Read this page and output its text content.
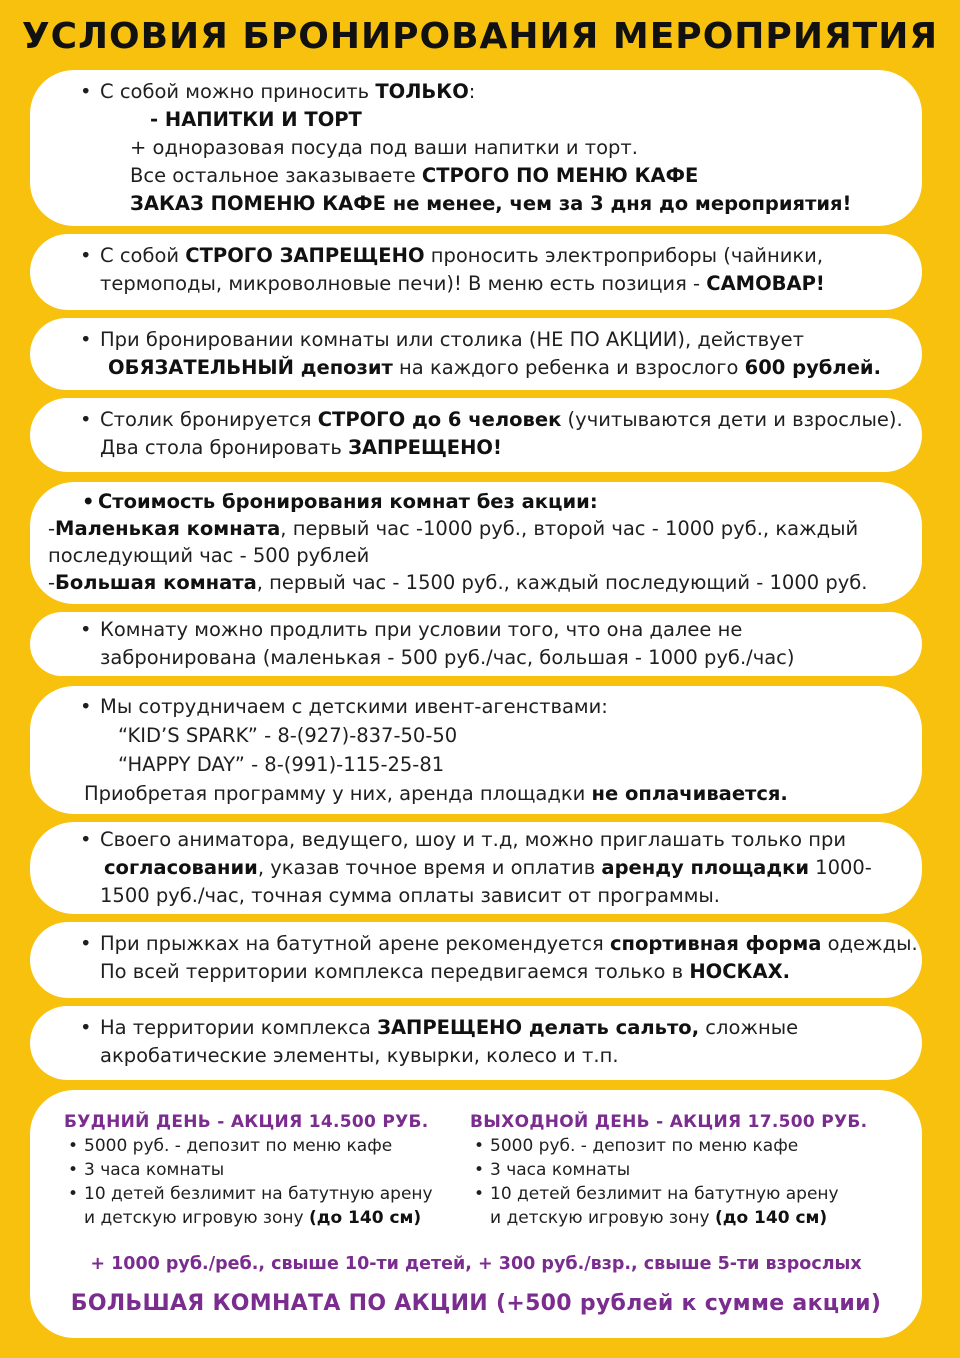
УСЛОВИЯ БРОНИРОВАНИЯ МЕРОПРИЯТИЯ
• С собой можно приносить ТОЛЬКО:
- НАПИТКИ И ТОРТ
+ одноразовая посуда под ваши напитки и торт.
Все остальное заказываете СТРОГО ПО МЕНЮ КАФЕ
ЗАКАЗ ПОМЕНЮ КАФЕ не менее, чем за 3 дня до мероприятия!
• С собой СТРОГО ЗАПРЕЩЕНО проносить электроприборы (чайники,
термоподы, микроволновые печи)! В меню есть позиция - САМОВАР!
• При бронировании комнаты или столика (НЕ ПО АКЦИИ), действует
ОБЯЗАТЕЛЬНЫЙ депозит на каждого ребенка и взрослого 600 рублей.
• Столик бронируется СТРОГО до 6 человек (учитываются дети и взрослые).
Два стола бронировать ЗАПРЕЩЕНО!
• Стоимость бронирования комнат без акции:
-Маленькая комната, первый час -1000 руб., второй час - 1000 руб., каждый
последующий час - 500 рублей
-Большая комната, первый час - 1500 руб., каждый последующий - 1000 руб.
• Комнату можно продлить при условии того, что она далее не
забронирована (маленькая - 500 руб./час, большая - 1000 руб./час)
• Мы сотрудничаем с детскими ивент-агенствами:
“KID’S SPARK” - 8-(927)-837-50-50
“HAPPY DAY” - 8-(991)-115-25-81
Приобретая программу у них, аренда площадки не оплачивается.
• Своего аниматора, ведущего, шоу и т.д, можно приглашать только при
согласовании, указав точное время и оплатив аренду площадки 1000-
1500 руб./час, точная сумма оплаты зависит от программы.
• При прыжках на батутной арене рекомендуется спортивная форма одежды.
По всей территории комплекса передвигаемся только в НОСКАХ.
• На территории комплекса ЗАПРЕЩЕНО делать сальто, сложные
акробатические элементы, кувырки, колесо и т.п.
БУДНИЙ ДЕНЬ - АКЦИЯ 14.500 РУБ.
• 5000 руб. - депозит по меню кафе
• 3 часа комнаты
• 10 детей безлимит на батутную арену
и детскую игровую зону (до 140 см)
ВЫХОДНОЙ ДЕНЬ - АКЦИЯ 17.500 РУБ.
• 5000 руб. - депозит по меню кафе
• 3 часа комнаты
• 10 детей безлимит на батутную арену
и детскую игровую зону (до 140 см)
+ 1000 руб./реб., свыше 10-ти детей, + 300 руб./взр., свыше 5-ти взрослых
БОЛЬШАЯ КОМНАТА ПО АКЦИИ (+500 рублей к сумме акции)
